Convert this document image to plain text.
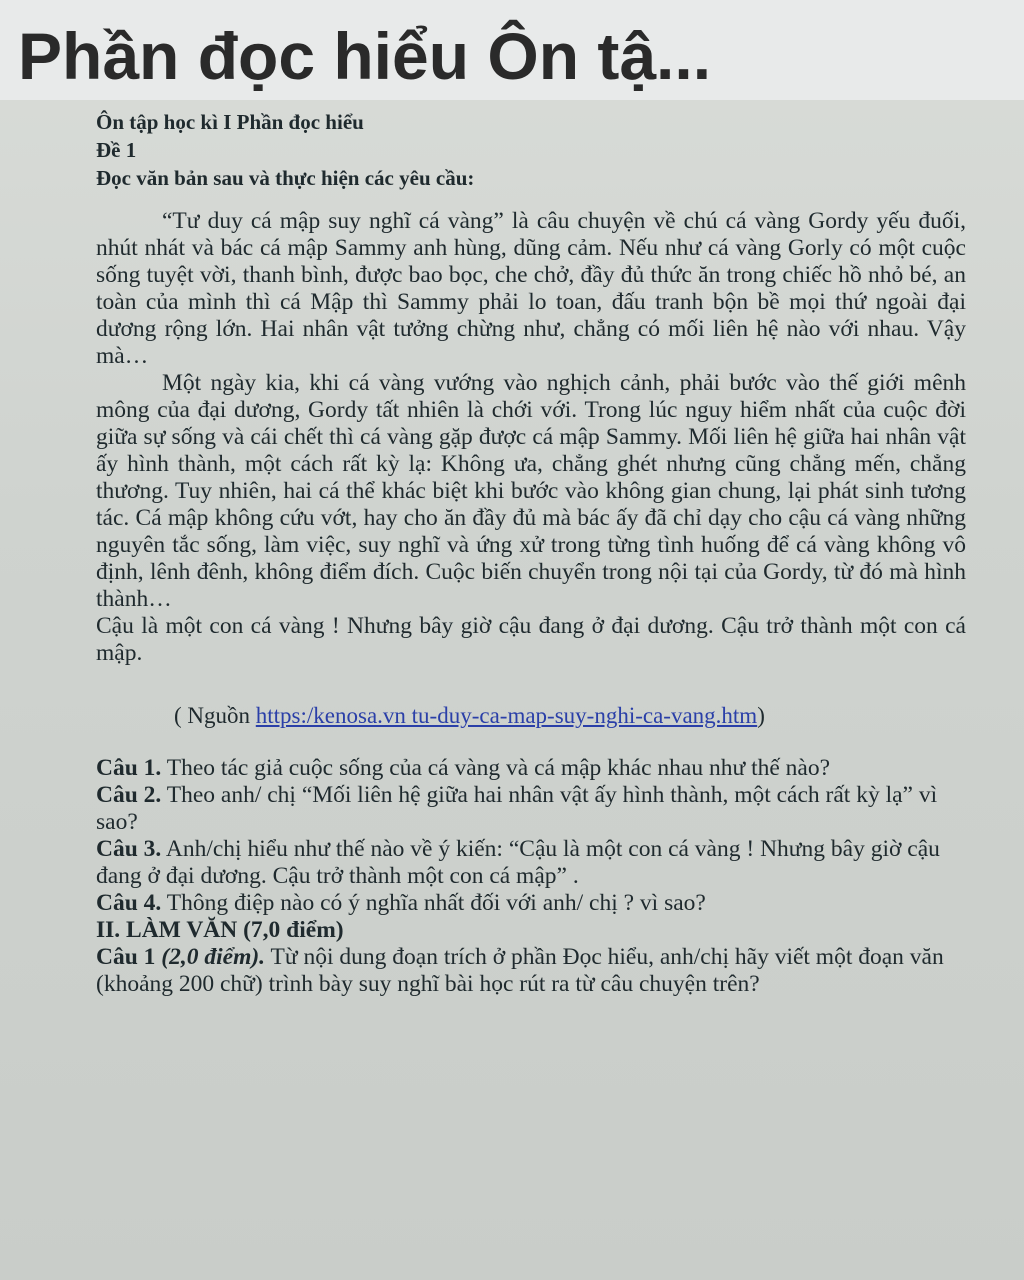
Phần đọc hiểu Ôn tậ...

Ôn tập học kì I Phần đọc hiểu

Đề 1

Đọc văn bản sau và thực hiện các yêu cầu:

“Tư duy cá mập suy nghĩ cá vàng” là câu chuyện về chú cá vàng Gordy yếu đuối, nhút nhát và bác cá mập Sammy anh hùng, dũng cảm. Nếu như cá vàng Gorly có một cuộc sống tuyệt vời, thanh bình, được bao bọc, che chở, đầy đủ thức ăn trong chiếc hồ nhỏ bé, an toàn của mình thì cá Mập thì Sammy phải lo toan, đấu tranh bộn bề mọi thứ ngoài đại dương rộng lớn. Hai nhân vật tưởng chừng như, chẳng có mối liên hệ nào với nhau. Vậy mà…

Một ngày kia, khi cá vàng vướng vào nghịch cảnh, phải bước vào thế giới mênh mông của đại dương, Gordy tất nhiên là chới với. Trong lúc nguy hiểm nhất của cuộc đời giữa sự sống và cái chết thì cá vàng gặp được cá mập Sammy. Mối liên hệ giữa hai nhân vật ấy hình thành, một cách rất kỳ lạ: Không ưa, chẳng ghét nhưng cũng chẳng mến, chẳng thương. Tuy nhiên, hai cá thể khác biệt khi bước vào không gian chung, lại phát sinh tương tác. Cá mập không cứu vớt, hay cho ăn đầy đủ mà bác ấy đã chỉ dạy cho cậu cá vàng những nguyên tắc sống, làm việc, suy nghĩ và ứng xử trong từng tình huống để cá vàng không vô định, lênh đênh, không điểm đích. Cuộc biến chuyển trong nội tại của Gordy, từ đó mà hình thành…

Cậu là một con cá vàng ! Nhưng bây giờ cậu đang ở đại dương. Cậu trở thành một con cá mập.

( Nguồn https:/kenosa.vn tu-duy-ca-map-suy-nghi-ca-vang.htm)

Câu 1. Theo tác giả cuộc sống của cá vàng và cá mập khác nhau như thế nào?

Câu 2. Theo anh/ chị “Mối liên hệ giữa hai nhân vật ấy hình thành, một cách rất kỳ lạ” vì sao?

Câu 3. Anh/chị hiểu như thế nào về ý kiến: “Cậu là một con cá vàng ! Nhưng bây giờ cậu đang ở đại dương. Cậu trở thành một con cá mập” .

Câu 4. Thông điệp nào có ý nghĩa nhất đối với anh/ chị ? vì sao?

II. LÀM VĂN (7,0 điểm)

Câu 1 (2,0 điểm). Từ nội dung đoạn trích ở phần Đọc hiểu, anh/chị hãy viết một đoạn văn (khoảng 200 chữ) trình bày suy nghĩ bài học rút ra từ câu chuyện trên?
